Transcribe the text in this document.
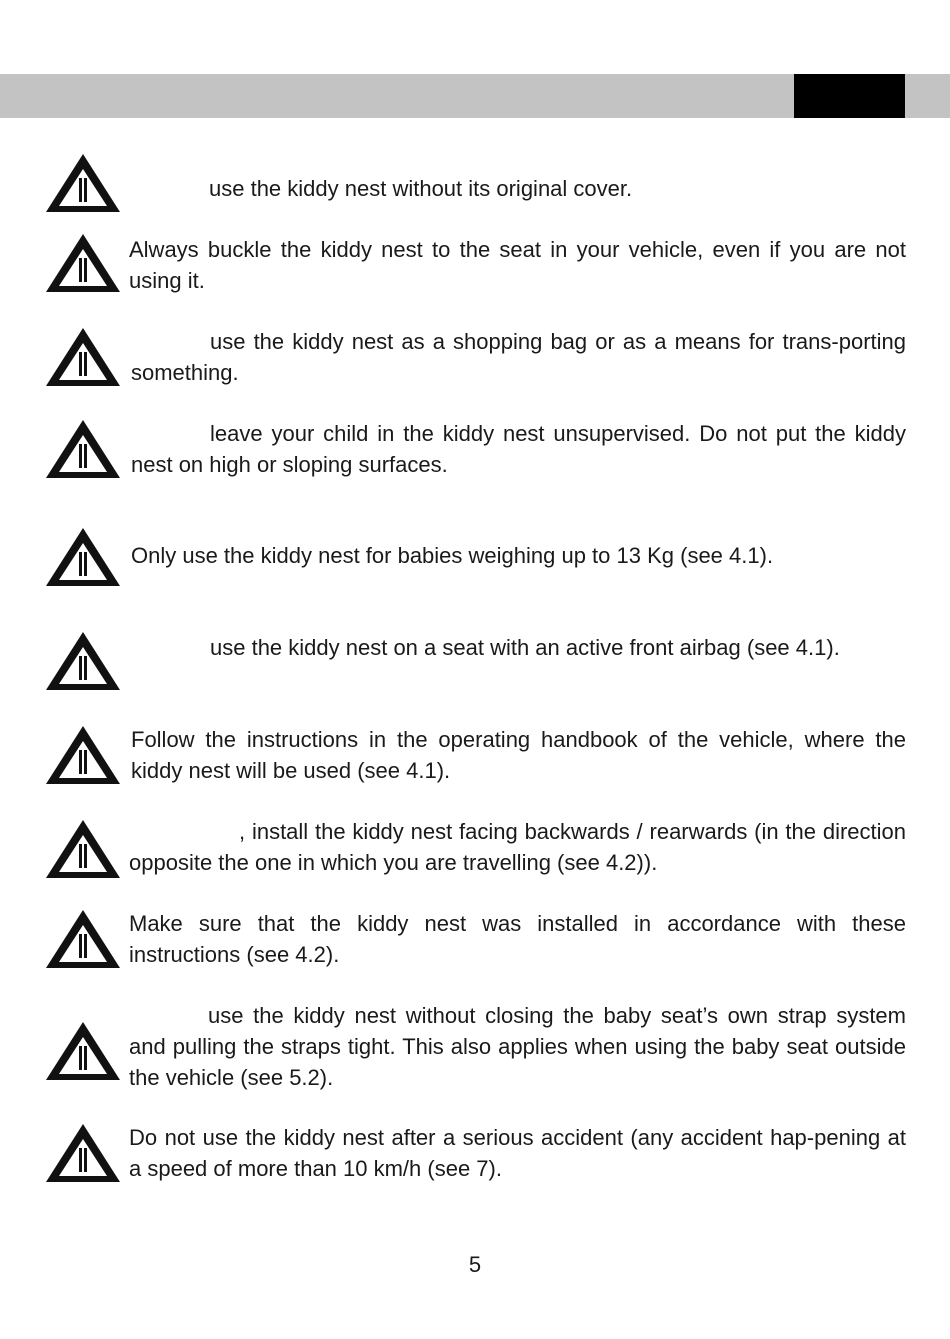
use the kiddy nest without its original cover.

Always buckle the kiddy nest to the seat in your vehicle, even if you are not using it.

use the kiddy nest as a shopping bag or as a means for trans-porting something.

leave your child in the kiddy nest unsupervised. Do not put the kiddy nest on high or sloping surfaces.

Only use the kiddy nest for babies weighing up to 13 Kg (see 4.1).

use the kiddy nest on a seat with an active front airbag (see 4.1).

Follow the instructions in the operating handbook of the vehicle, where the kiddy nest will be used (see 4.1).

, install the kiddy nest facing backwards / rearwards (in the direction opposite the one in which you are travelling (see 4.2)).

Make sure that the kiddy nest was installed in accordance with these instructions (see 4.2).

use the kiddy nest without closing the baby seat’s own strap system and pulling the straps tight. This also applies when using the baby seat outside the vehicle (see 5.2).

Do not use the kiddy nest after a serious accident (any accident hap-pening at a speed of more than 10 km/h (see 7).

5
